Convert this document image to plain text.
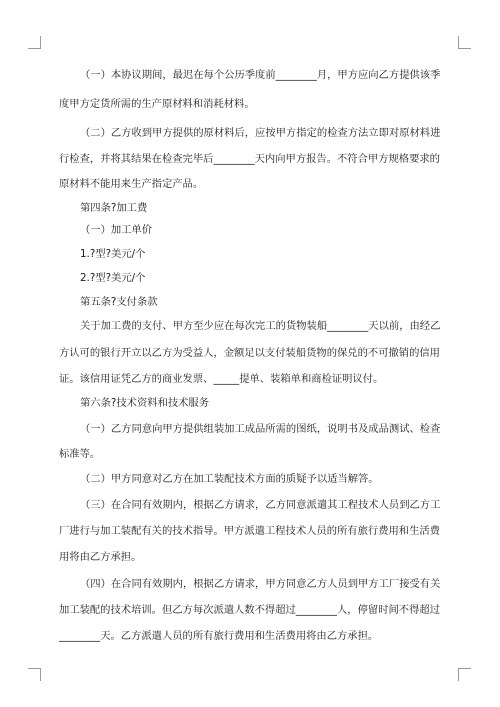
（一）本协议期间，最迟在每个公历季度前________月，甲方应向乙方提供该季
度甲方定货所需的生产原材料和消耗材料。
（二）乙方收到甲方提供的原材料后，应按甲方指定的检查方法立即对原材料进
行检查，并将其结果在检查完毕后________天内向甲方报告。不符合甲方规格要求的
原材料不能用来生产指定产品。
第四条?加工费
（一）加工单价
1.?型?美元/个
2.?型?美元/个
第五条?支付条款
关于加工费的支付、甲方至少应在每次完工的货物装船________天以前，由经乙
方认可的银行开立以乙方为受益人，金额足以支付装船货物的保兑的不可撤销的信用
证。该信用证凭乙方的商业发票、_____提单、装箱单和商检证明议付。
第六条?技术资料和技术服务
（一）乙方同意向甲方提供组装加工成品所需的图纸，说明书及成品测试、检查
标准等。
（二）甲方同意对乙方在加工装配技术方面的质疑予以适当解答。
（三）在合同有效期内，根据乙方请求，乙方同意派遣其工程技术人员到乙方工
厂进行与加工装配有关的技术指导。甲方派遣工程技术人员的所有旅行费用和生活费
用将由乙方承担。
（四）在合同有效期内，根据乙方请求，甲方同意乙方人员到甲方工厂接受有关
加工装配的技术培训。但乙方每次派遣人数不得超过________人，停留时间不得超过
________天。乙方派遣人员的所有旅行费用和生活费用将由乙方承担。
